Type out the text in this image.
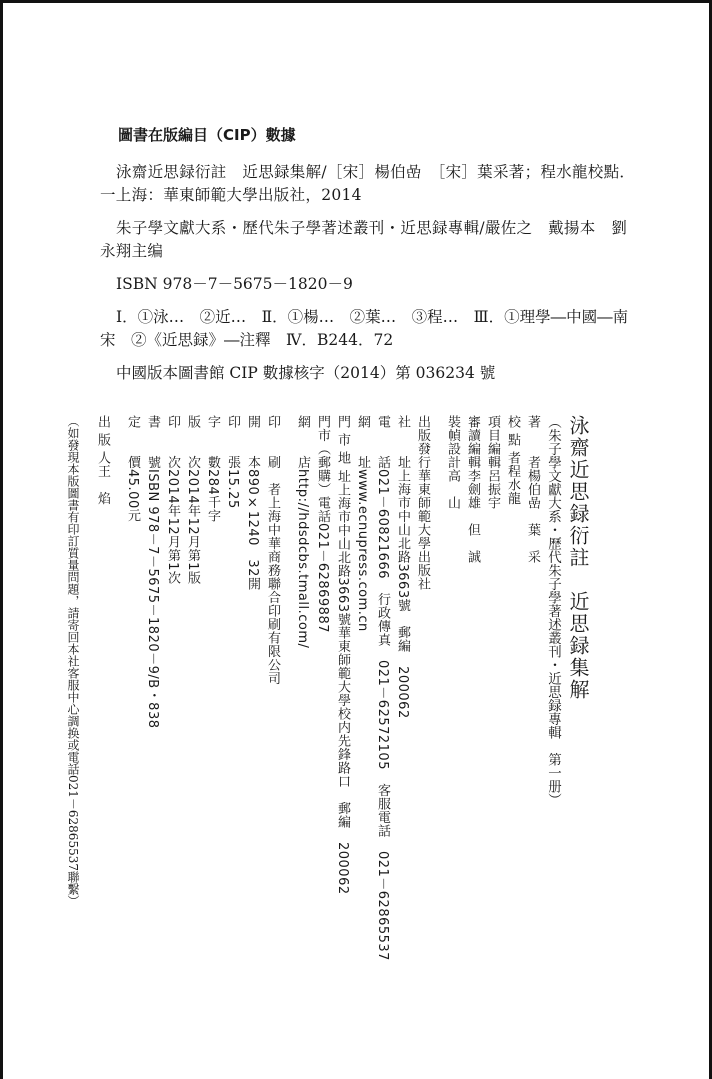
圖書在版編目（CIP）數據

泳齋近思録衍註　近思録集解/［宋］楊伯嵒　［宋］葉采著；程水龍校點．一上海：華東師範大學出版社，2014

朱子學文獻大系・歷代朱子學著述叢刊・近思録專輯/嚴佐之　戴揚本　劉永翔主编

ISBN 978－7－5675－1820－9

Ⅰ．①泳…　②近…　Ⅱ．①楊…　②葉…　③程…　Ⅲ．①理學―中國―南

宋　②《近思録》―注釋　Ⅳ．B244．72

中國版本圖書館 CIP 數據核字（2014）第 036234 號

泳齋近思録衍註　近思録集解
（朱子學文獻大系・歷代朱子學著述叢刊・近思録專輯　第一册）
著　　者楊伯嵒　葉　采
校 點 者程水龍
項目編輯呂振宇
審讀編輯李劍雄　但　誠
裝幀設計高　山
出版發行華東師範大學出版社
社　　址上海市中山北路3663號　郵編　200062
電　　話021－60821666　行政傳真　021－62572105　客服電話　021－62865537
網　　址www.ecnupress.com.cn
門 市 地 址上海市中山北路3663號華東師範大學校内先鋒路口　郵編　200062
門市（郵購）電話021－62869887
網　　店http://hdsdcbs.tmall.com/
印　　刷　者上海中華商務聯合印刷有限公司
開　　本890×1240　32開
印　　張15.25
字　　數284千字
版　　次2014年12月第1版
印　　次2014年12月第1次
書　　號ISBN 978－7－5675－1820－9/B・838
定　　價45.00元
出 版 人王　焰
（如發現本版圖書有印訂質量問題，請寄回本社客服中心調换或電話021－62865537聯繫）
